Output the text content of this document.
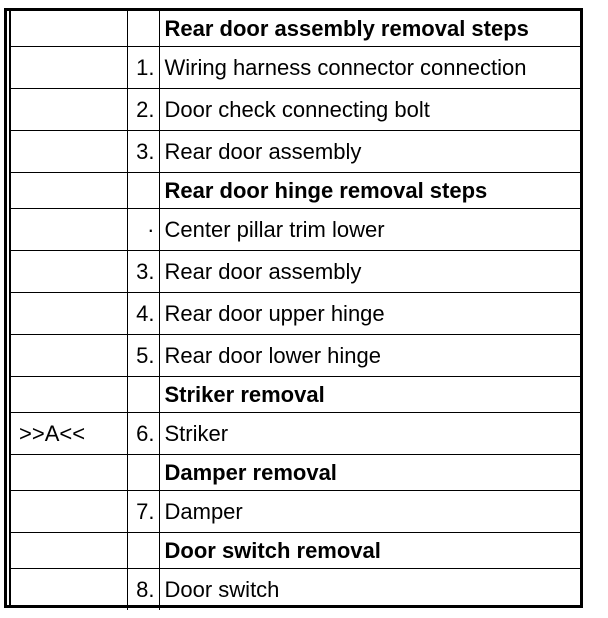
		Rear door assembly removal steps
	1.	Wiring harness connector connection
	2.	Door check connecting bolt
	3.	Rear door assembly
		Rear door hinge removal steps
	·	Center pillar trim lower
	3.	Rear door assembly
	4.	Rear door upper hinge
	5.	Rear door lower hinge
		Striker removal
>>A<<	6.	Striker
		Damper removal
	7.	Damper
		Door switch removal
	8.	Door switch
